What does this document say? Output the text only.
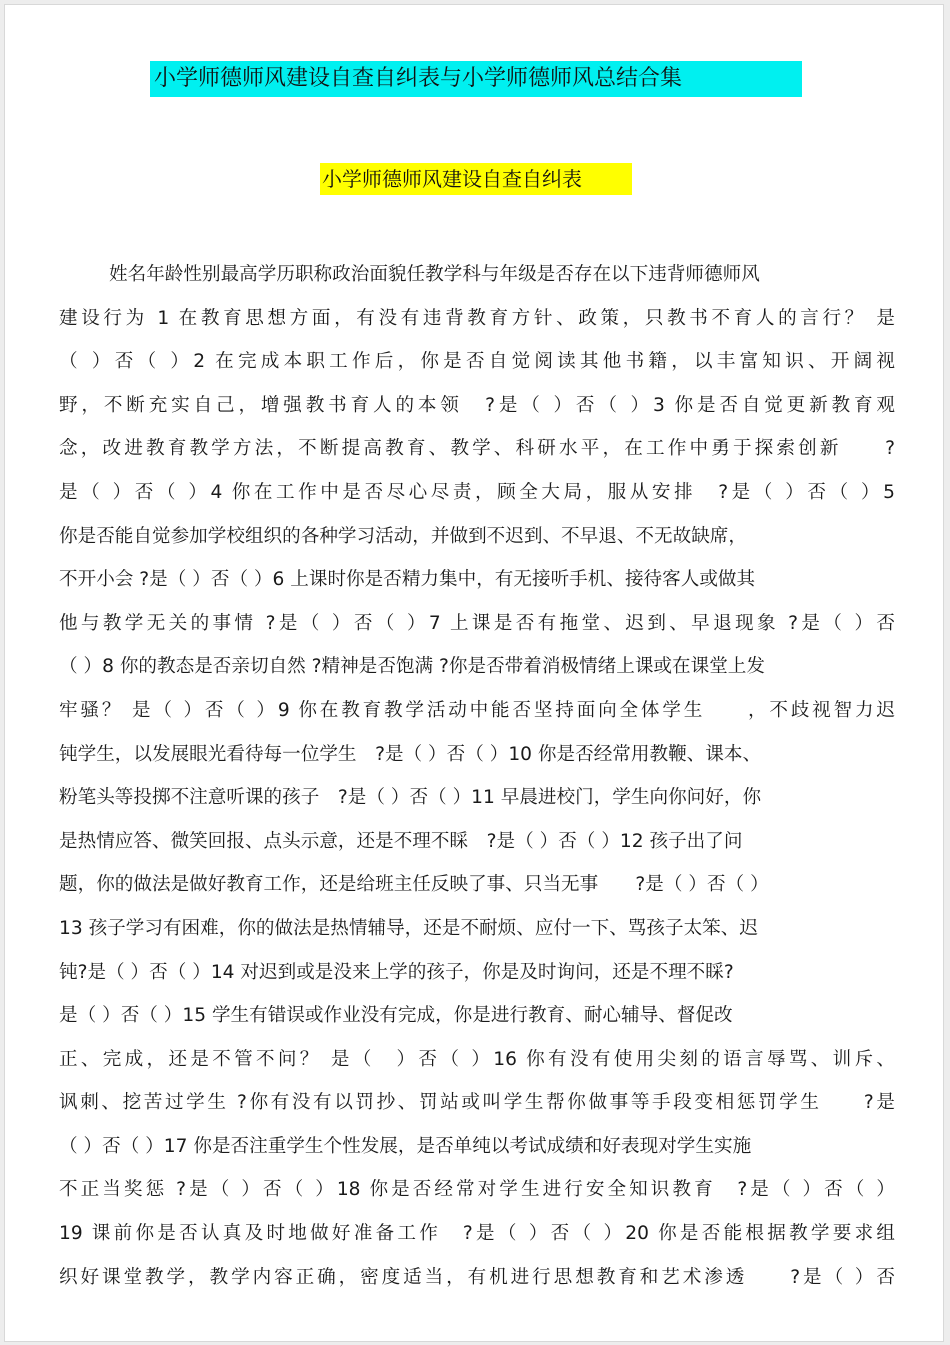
小学师德师风建设自查自纠表与小学师德师风总结合集
小学师德师风建设自查自纠表
姓名年龄性别最高学历职称政治面貌任教学科与年级是否存在以下违背师德师风
建设行为 1 在教育思想方面，有没有违背教育方针、政策，只教书不育人的言行？ 是
（ ）否（ ）2 在完成本职工作后，你是否自觉阅读其他书籍，以丰富知识、开阔视
野，不断充实自己，增强教书育人的本领　?是（ ）否（ ）3 你是否自觉更新教育观
念，改进教育教学方法，不断提高教育、教学、科研水平，在工作中勇于探索创新　　?
是（ ）否（ ）4 你在工作中是否尽心尽责，顾全大局，服从安排　?是（ ）否（ ）5
你是否能自觉参加学校组织的各种学习活动，并做到不迟到、不早退、不无故缺席，
不开小会 ?是（ ）否（ ）6 上课时你是否精力集中，有无接听手机、接待客人或做其
他与教学无关的事情 ?是（ ）否（ ）7 上课是否有拖堂、迟到、早退现象 ?是（ ）否
（ ）8 你的教态是否亲切自然 ?精神是否饱满 ?你是否带着消极情绪上课或在课堂上发
牢骚？ 是（ ）否（ ）9 你在教育教学活动中能否坚持面向全体学生　　，不歧视智力迟
钝学生，以发展眼光看待每一位学生　?是（ ）否（ ）10 你是否经常用教鞭、课本、
粉笔头等投掷不注意听课的孩子　?是（ ）否（ ）11 早晨进校门，学生向你问好，你
是热情应答、微笑回报、点头示意，还是不理不睬　?是（ ）否（ ）12 孩子出了问
题，你的做法是做好教育工作，还是给班主任反映了事、只当无事　　?是（ ）否（ ）
13 孩子学习有困难，你的做法是热情辅导，还是不耐烦、应付一下、骂孩子太笨、迟
钝?是（ ）否（ ）14 对迟到或是没来上学的孩子，你是及时询问，还是不理不睬?
是（ ）否（ ）15 学生有错误或作业没有完成，你是进行教育、耐心辅导、督促改
正、完成，还是不管不问？ 是（　）否（ ）16 你有没有使用尖刻的语言辱骂、训斥、
讽刺、挖苦过学生 ?你有没有以罚抄、罚站或叫学生帮你做事等手段变相惩罚学生　　?是
（ ）否（ ）17 你是否注重学生个性发展，是否单纯以考试成绩和好表现对学生实施
不正当奖惩 ?是（ ）否（ ）18 你是否经常对学生进行安全知识教育　?是（ ）否（ ）
19 课前你是否认真及时地做好准备工作　?是（ ）否（ ）20 你是否能根据教学要求组
织好课堂教学，教学内容正确，密度适当，有机进行思想教育和艺术渗透　　?是（ ）否
